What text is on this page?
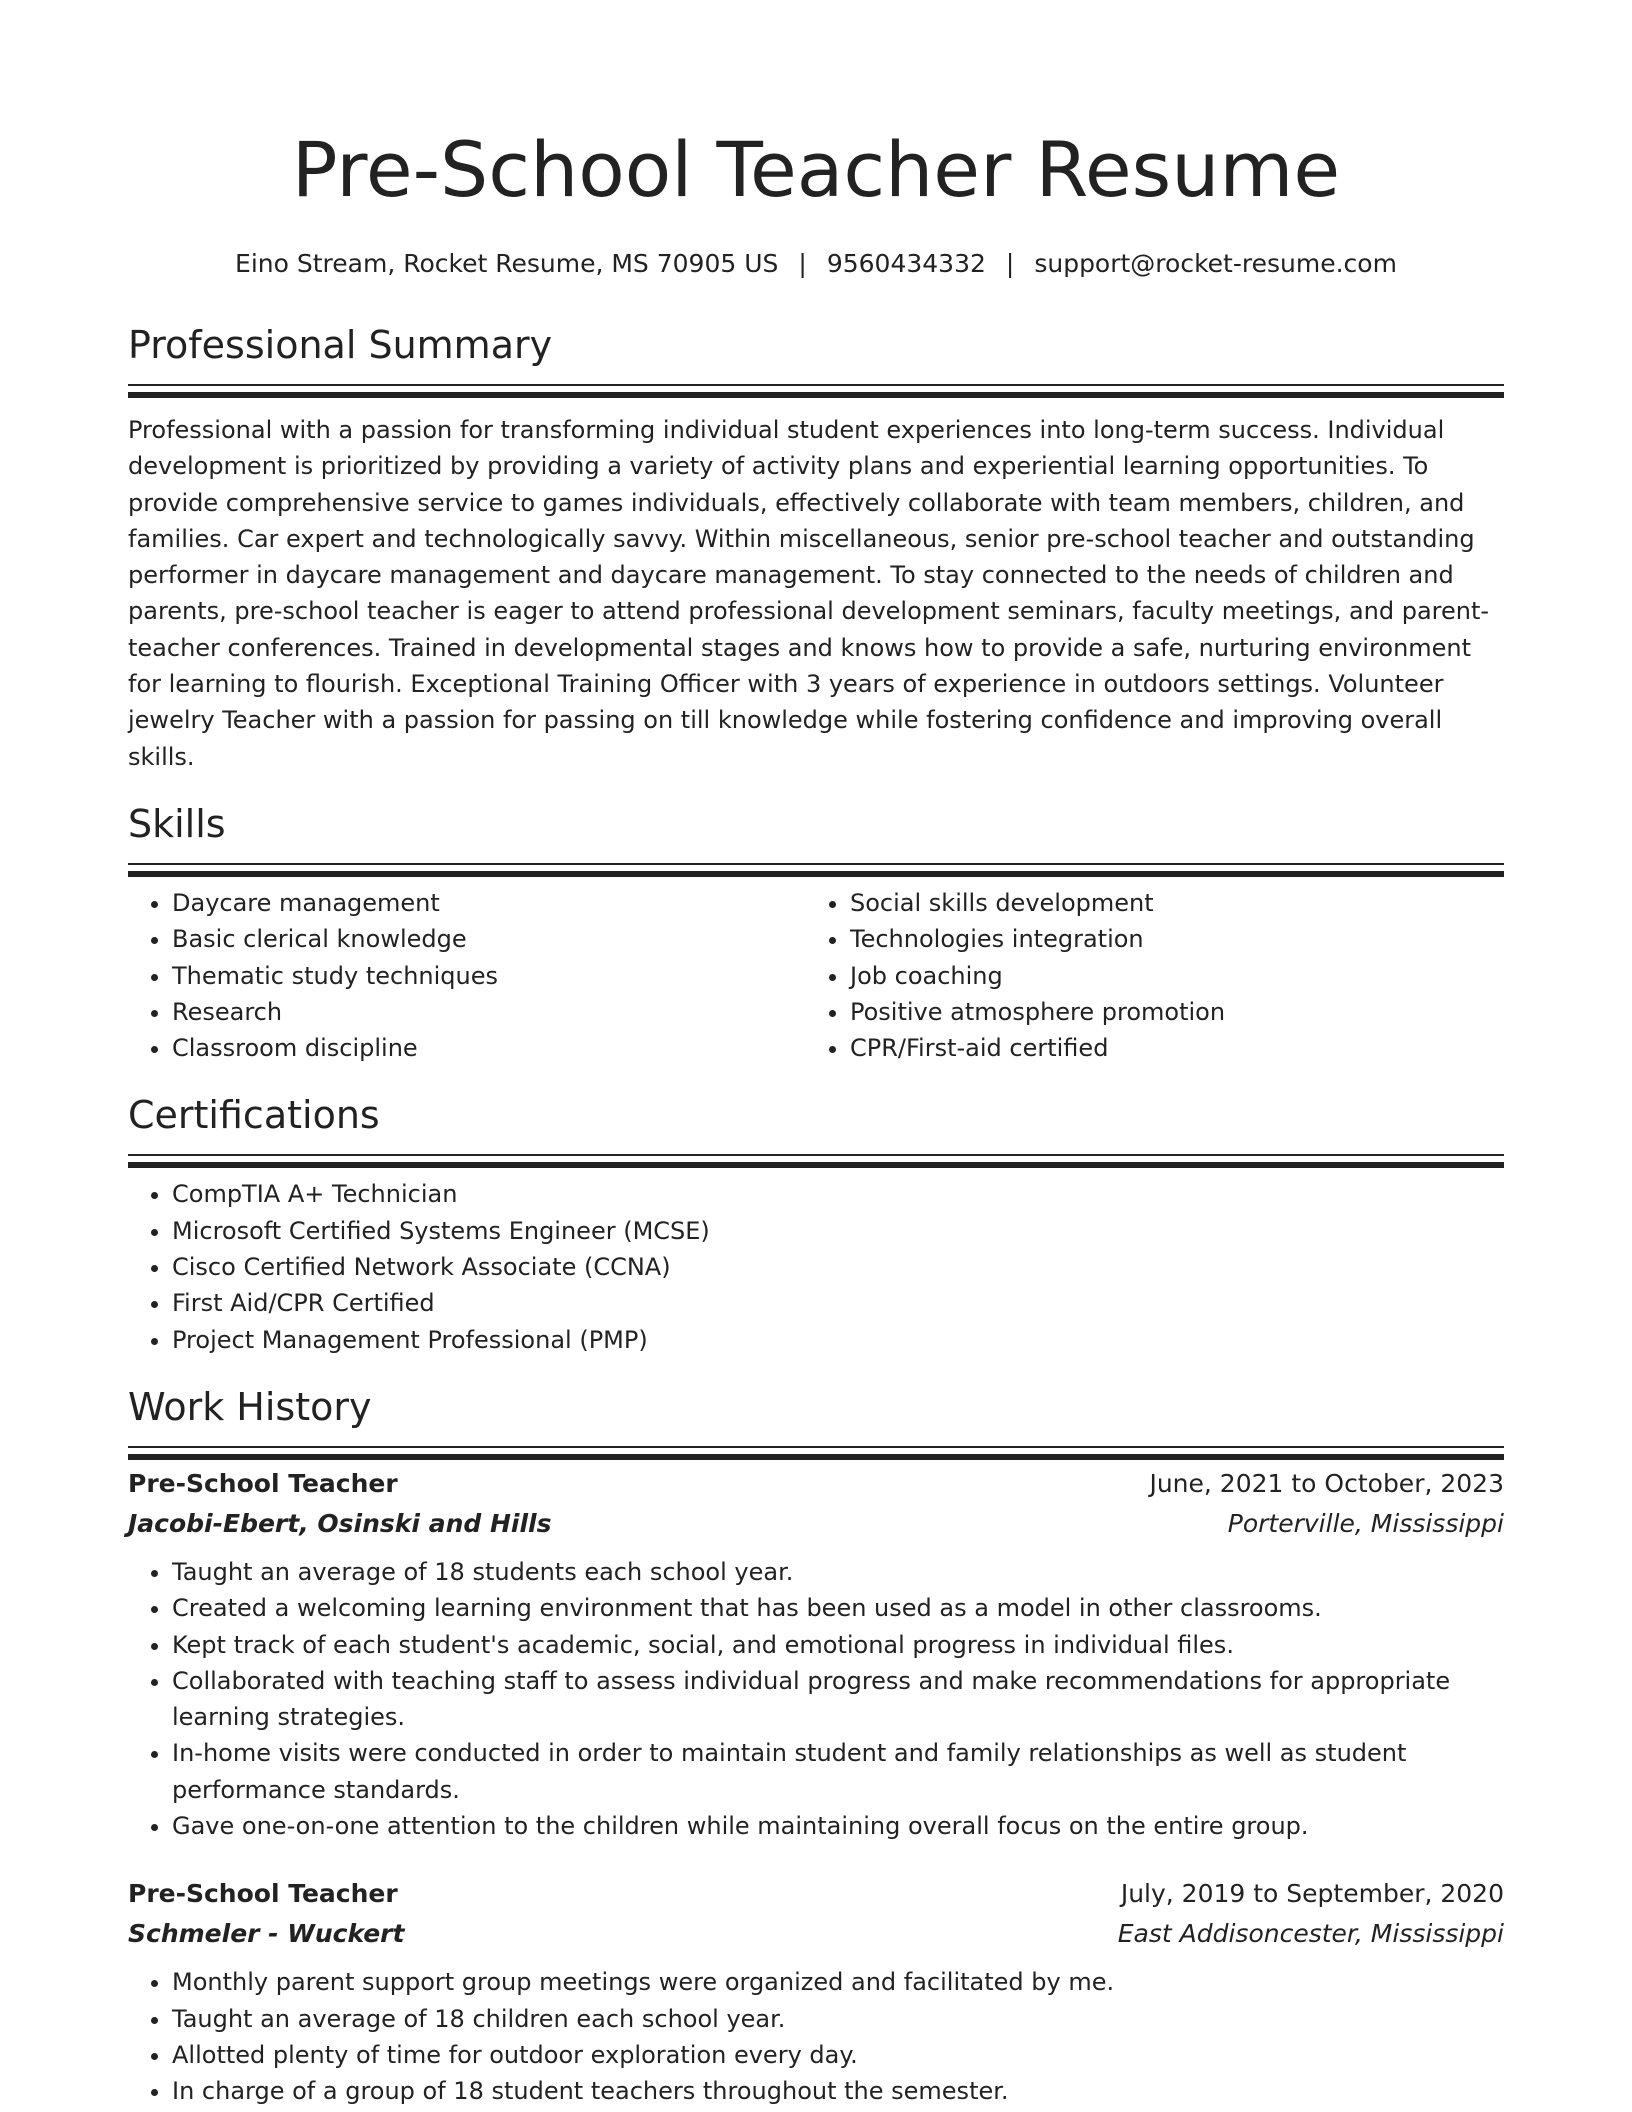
Pre-School Teacher Resume
Eino Stream, Rocket Resume, MS 70905 US | 9560434332 | support@rocket-resume.com
Professional Summary
Professional with a passion for transforming individual student experiences into long-term success. Individual development is prioritized by providing a variety of activity plans and experiential learning opportunities. To provide comprehensive service to games individuals, effectively collaborate with team members, children, and families. Car expert and technologically savvy. Within miscellaneous, senior pre-school teacher and outstanding performer in daycare management and daycare management. To stay connected to the needs of children and parents, pre-school teacher is eager to attend professional development seminars, faculty meetings, and parent-teacher conferences. Trained in developmental stages and knows how to provide a safe, nurturing environment for learning to flourish. Exceptional Training Officer with 3 years of experience in outdoors settings. Volunteer jewelry Teacher with a passion for passing on till knowledge while fostering confidence and improving overall skills.
Skills
• Daycare management
• Basic clerical knowledge
• Thematic study techniques
• Research
• Classroom discipline
• Social skills development
• Technologies integration
• Job coaching
• Positive atmosphere promotion
• CPR/First-aid certified
Certifications
• CompTIA A+ Technician
• Microsoft Certified Systems Engineer (MCSE)
• Cisco Certified Network Associate (CCNA)
• First Aid/CPR Certified
• Project Management Professional (PMP)
Work History
Pre-School Teacher	June, 2021 to October, 2023
Jacobi-Ebert, Osinski and Hills	Porterville, Mississippi
• Taught an average of 18 students each school year.
• Created a welcoming learning environment that has been used as a model in other classrooms.
• Kept track of each student's academic, social, and emotional progress in individual files.
• Collaborated with teaching staff to assess individual progress and make recommendations for appropriate learning strategies.
• In-home visits were conducted in order to maintain student and family relationships as well as student performance standards.
• Gave one-on-one attention to the children while maintaining overall focus on the entire group.
Pre-School Teacher	July, 2019 to September, 2020
Schmeler - Wuckert	East Addisoncester, Mississippi
• Monthly parent support group meetings were organized and facilitated by me.
• Taught an average of 18 children each school year.
• Allotted plenty of time for outdoor exploration every day.
• In charge of a group of 18 student teachers throughout the semester.
